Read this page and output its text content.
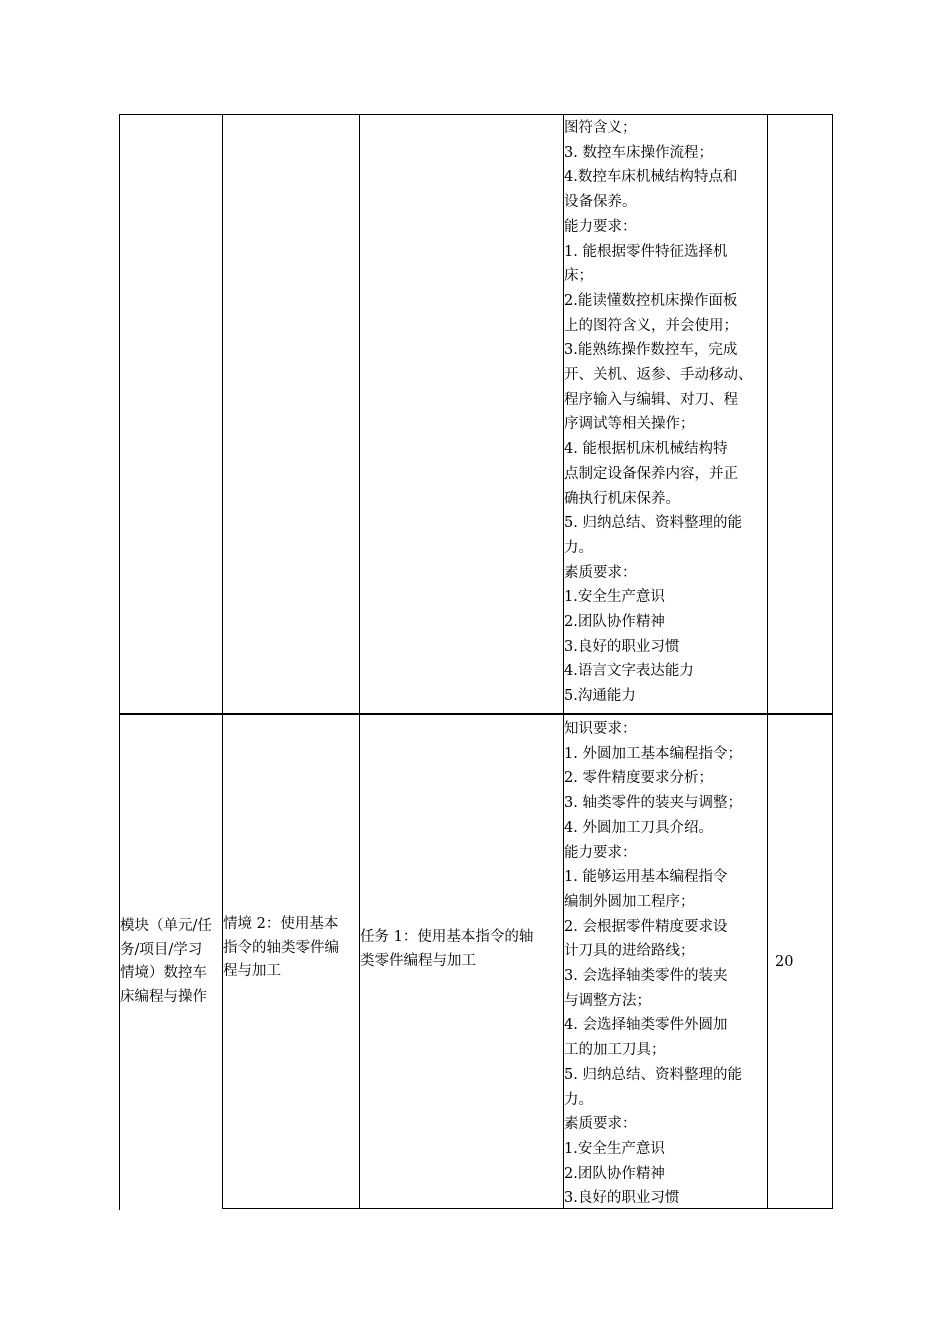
图符含义；
3. 数控车床操作流程；
4.数控车床机械结构特点和
设备保养。
能力要求：
1. 能根据零件特征选择机
床；
2.能读懂数控机床操作面板
上的图符含义，并会使用；
3.能熟练操作数控车，完成
开、关机、返参、手动移动、
程序输入与编辑、对刀、程
序调试等相关操作；
4. 能根据机床机械结构特
点制定设备保养内容，并正
确执行机床保养。
5. 归纳总结、资料整理的能
力。
素质要求：
1.安全生产意识
2.团队协作精神
3.良好的职业习惯
4.语言文字表达能力
5.沟通能力
模块（单元/任
务/项目/学习
情境）数控车
床编程与操作
情境 2：使用基本
指令的轴类零件编
程与加工
任务 1：使用基本指令的轴
类零件编程与加工
知识要求：
1. 外圆加工基本编程指令；
2. 零件精度要求分析；
3. 轴类零件的装夹与调整；
4. 外圆加工刀具介绍。
能力要求：
1. 能够运用基本编程指令
编制外圆加工程序；
2. 会根据零件精度要求设
计刀具的进给路线；
3. 会选择轴类零件的装夹
与调整方法；
4. 会选择轴类零件外圆加
工的加工刀具；
5. 归纳总结、资料整理的能
力。
素质要求：
1.安全生产意识
2.团队协作精神
3.良好的职业习惯
20
